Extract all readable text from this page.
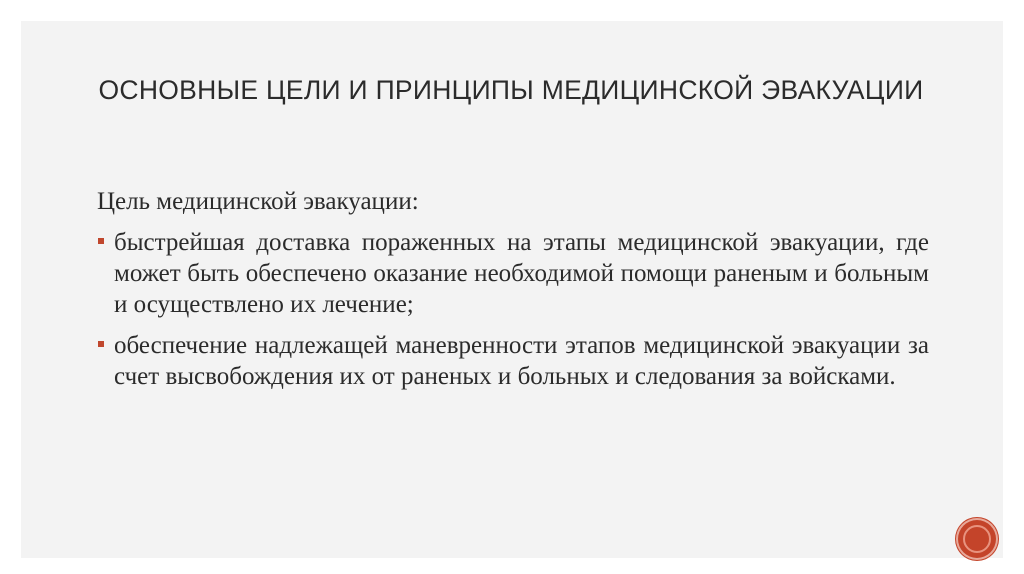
ОСНОВНЫЕ ЦЕЛИ И ПРИНЦИПЫ МЕДИЦИНСКОЙ ЭВАКУАЦИИ
Цель медицинской эвакуации:
быстрейшая доставка пораженных на этапы медицинской эвакуации, где может быть обеспечено оказание необходимой помощи раненым и больным и осуществлено их лечение;
обеспечение надлежащей маневренности этапов медицинской эвакуации за счет высвобождения их от раненых и больных и следования за войсками.
